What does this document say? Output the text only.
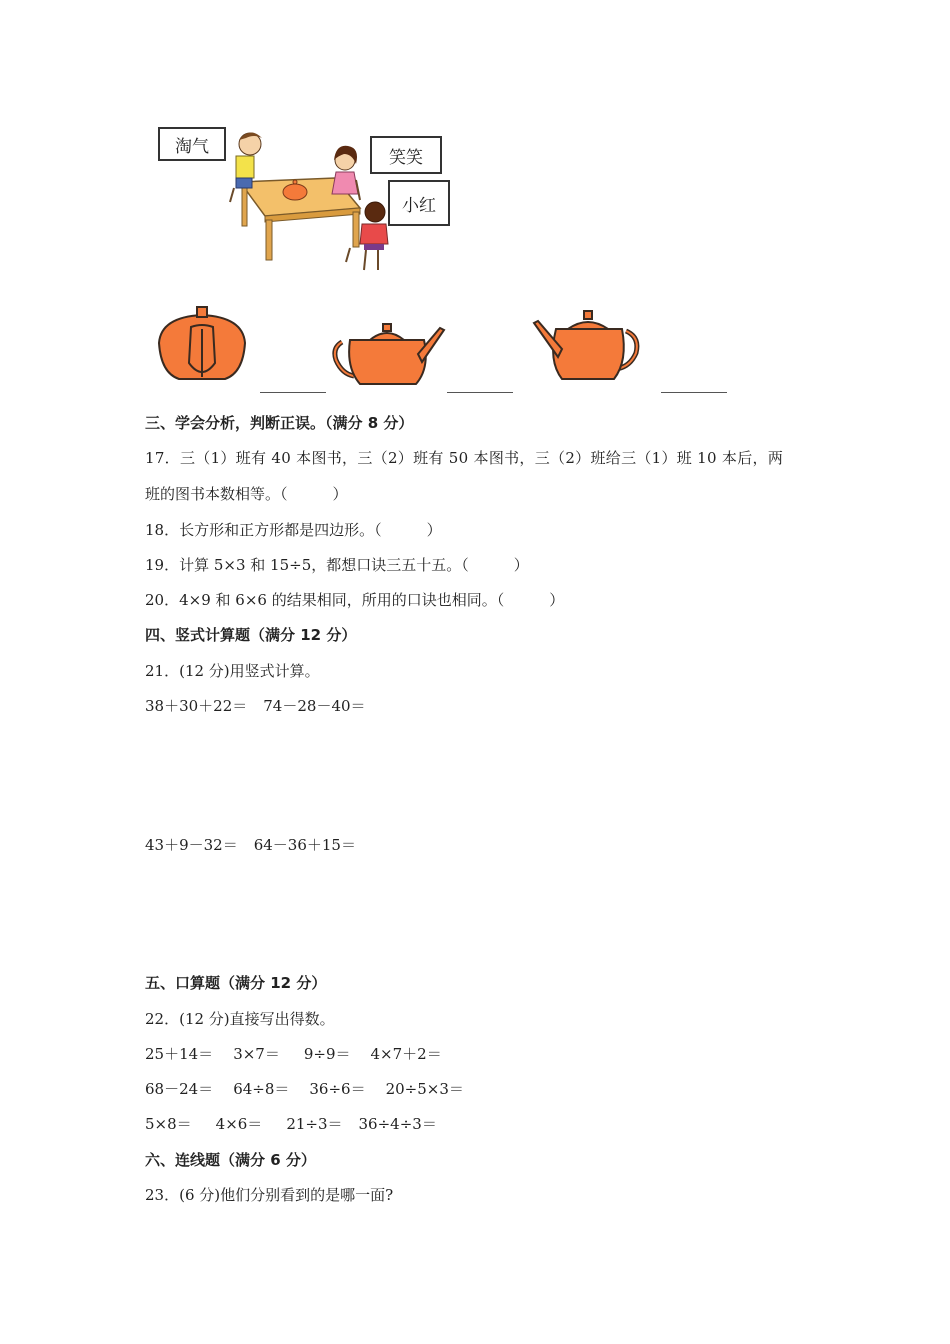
淘气
笑笑
小红
三、学会分析，判断正误。（满分 8 分）
17．三（1）班有 40 本图书，三（2）班有 50 本图书，三（2）班给三（1）班 10 本后，两
班的图书本数相等。（　　　）
18．长方形和正方形都是四边形。（　　　）
19．计算 5×3 和 15÷5，都想口诀三五十五。（　　　）
20．4×9 和 6×6 的结果相同，所用的口诀也相同。（　　　）
四、竖式计算题（满分 12 分）
21．(12 分)用竖式计算。
38＋30＋22＝ 74－28－40＝
43＋9－32＝ 64－36＋15＝
五、口算题（满分 12 分）
22．(12 分)直接写出得数。
25＋14＝ 3×7＝ 9÷9＝ 4×7＋2＝
68－24＝ 64÷8＝ 36÷6＝ 20÷5×3＝
5×8＝ 4×6＝ 21÷3＝ 36÷4÷3＝
六、连线题（满分 6 分）
23．(6 分)他们分别看到的是哪一面?
